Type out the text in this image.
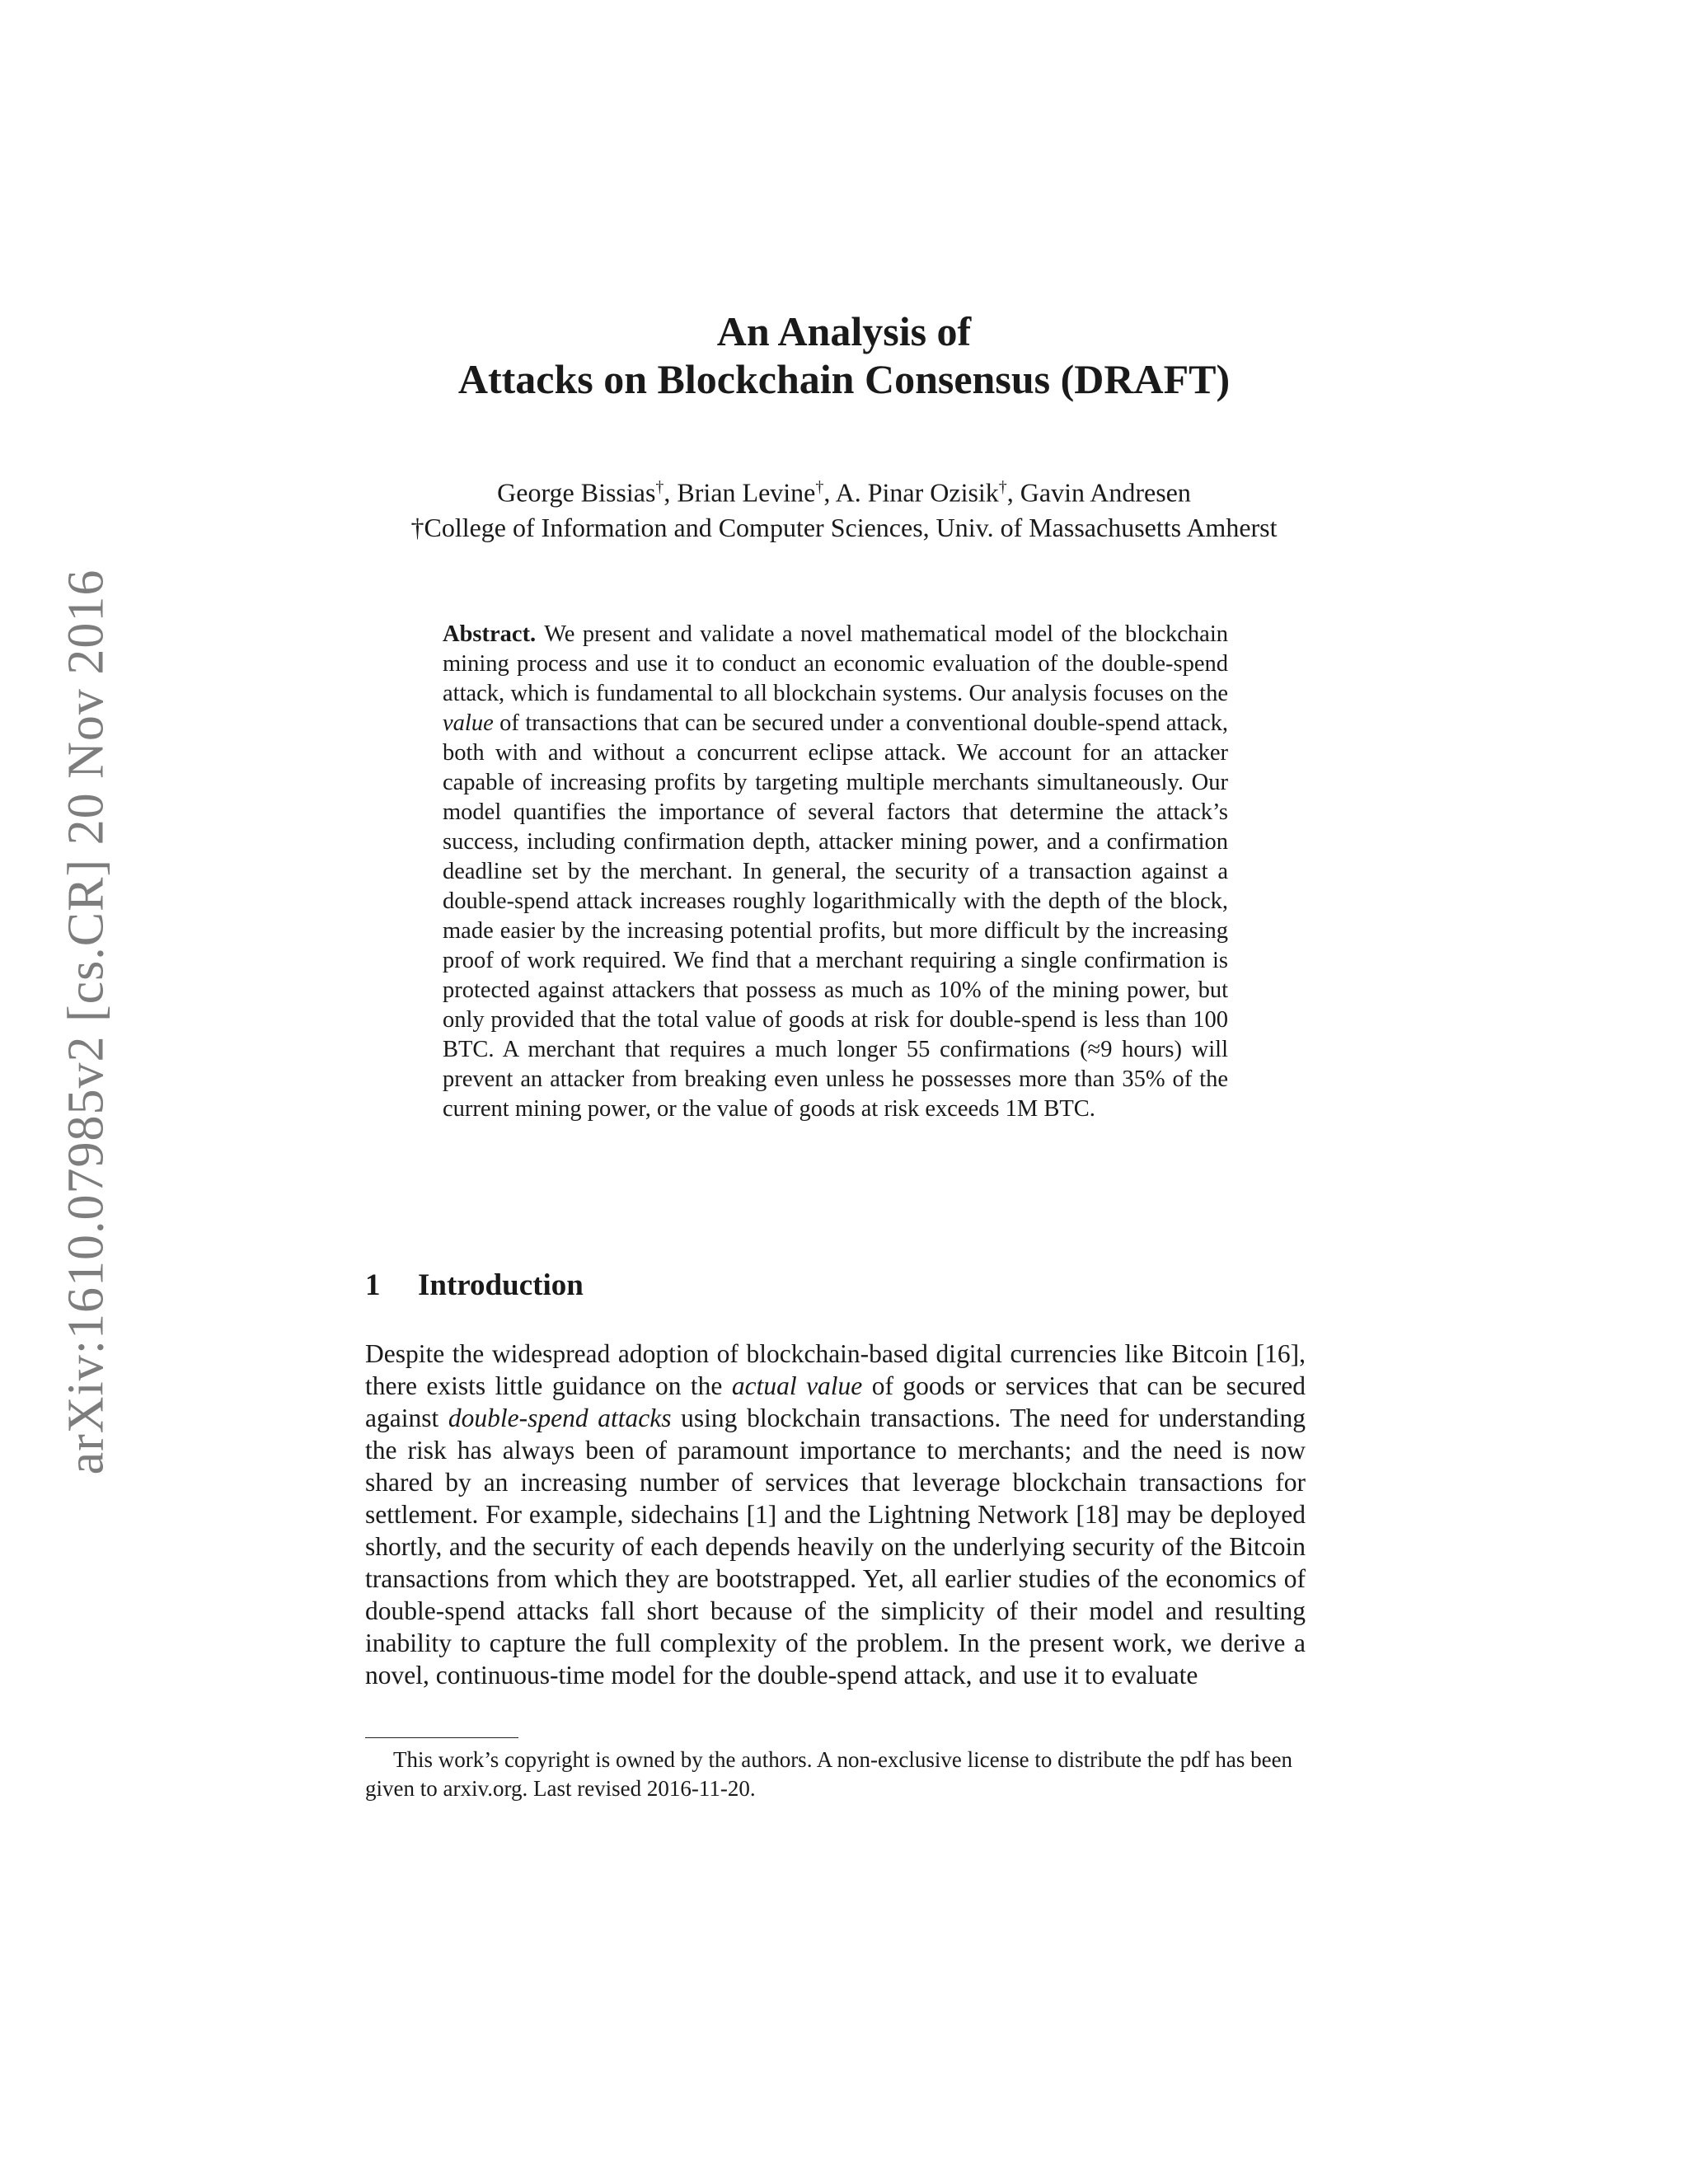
arXiv:1610.07985v2 [cs.CR] 20 Nov 2016
An Analysis of
Attacks on Blockchain Consensus (DRAFT)
George Bissias†, Brian Levine†, A. Pinar Ozisik†, Gavin Andresen
†College of Information and Computer Sciences, Univ. of Massachusetts Amherst

Abstract. We present and validate a novel mathematical model of the blockchain mining process and use it to conduct an economic evaluation of the double-spend attack, which is fundamental to all blockchain systems. Our analysis focuses on the value of transactions that can be secured under a conventional double-spend attack, both with and without a concurrent eclipse attack. We account for an attacker capable of increasing profits by targeting multiple merchants simultaneously. Our model quantifies the importance of several factors that determine the attack’s success, including confirmation depth, attacker mining power, and a confirmation deadline set by the merchant. In general, the security of a transaction against a double-spend attack increases roughly logarithmically with the depth of the block, made easier by the increasing potential profits, but more difficult by the increasing proof of work required. We find that a merchant requiring a single confirmation is protected against attackers that possess as much as 10% of the mining power, but only provided that the total value of goods at risk for double-spend is less than 100 BTC. A merchant that requires a much longer 55 confirmations (≈9 hours) will prevent an attacker from breaking even unless he possesses more than 35% of the current mining power, or the value of goods at risk exceeds 1M BTC.

1 Introduction

Despite the widespread adoption of blockchain-based digital currencies like Bitcoin [16], there exists little guidance on the actual value of goods or services that can be secured against double-spend attacks using blockchain transactions. The need for understanding the risk has always been of paramount importance to merchants; and the need is now shared by an increasing number of services that leverage blockchain transactions for settlement. For example, sidechains [1] and the Lightning Network [18] may be deployed shortly, and the security of each depends heavily on the underlying security of the Bitcoin transactions from which they are bootstrapped. Yet, all earlier studies of the economics of double-spend attacks fall short because of the simplicity of their model and resulting inability to capture the full complexity of the problem. In the present work, we derive a novel, continuous-time model for the double-spend attack, and use it to evaluate

This work’s copyright is owned by the authors. A non-exclusive license to distribute the pdf has been given to arxiv.org. Last revised 2016-11-20.
